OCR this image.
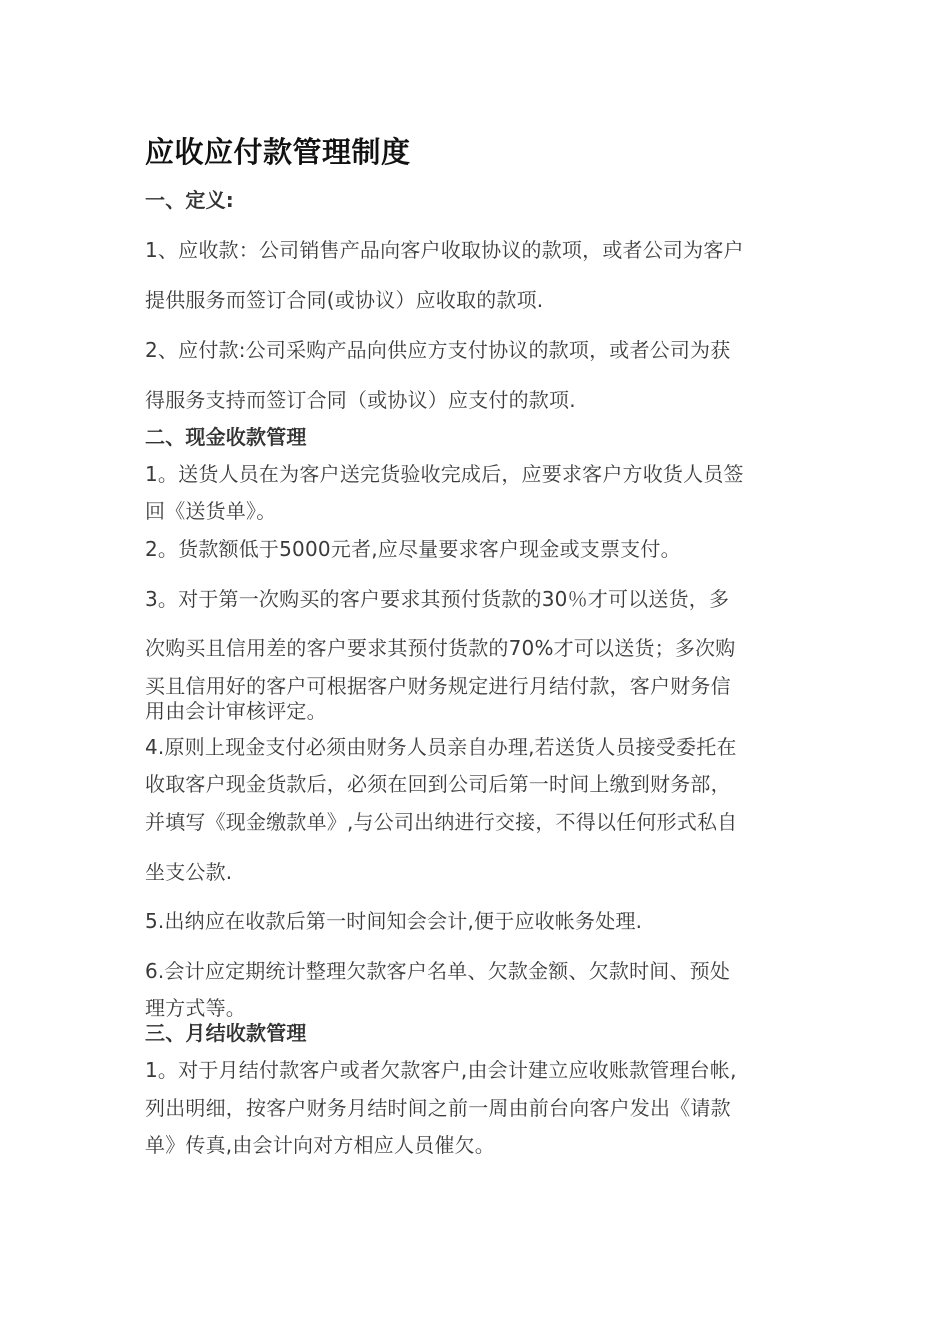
应收应付款管理制度
一、定义:
1、应收款：公司销售产品向客户收取协议的款项，或者公司为客户
提供服务而签订合同(或协议）应收取的款项.
2、应付款:公司采购产品向供应方支付协议的款项，或者公司为获
得服务支持而签订合同（或协议）应支付的款项.
二、现金收款管理
1。送货人员在为客户送完货验收完成后，应要求客户方收货人员签
回《送货单》。
2。货款额低于5000元者,应尽量要求客户现金或支票支付。
3。对于第一次购买的客户要求其预付货款的30％才可以送货，多
次购买且信用差的客户要求其预付货款的70%才可以送货；多次购
买且信用好的客户可根据客户财务规定进行月结付款，客户财务信
用由会计审核评定。
4.原则上现金支付必须由财务人员亲自办理,若送货人员接受委托在
收取客户现金货款后，必须在回到公司后第一时间上缴到财务部，
并填写《现金缴款单》,与公司出纳进行交接，不得以任何形式私自
坐支公款.
5.出纳应在收款后第一时间知会会计,便于应收帐务处理.
6.会计应定期统计整理欠款客户名单、欠款金额、欠款时间、预处
理方式等。
三、月结收款管理
1。对于月结付款客户或者欠款客户,由会计建立应收账款管理台帐,
列出明细，按客户财务月结时间之前一周由前台向客户发出《请款
单》传真,由会计向对方相应人员催欠。
